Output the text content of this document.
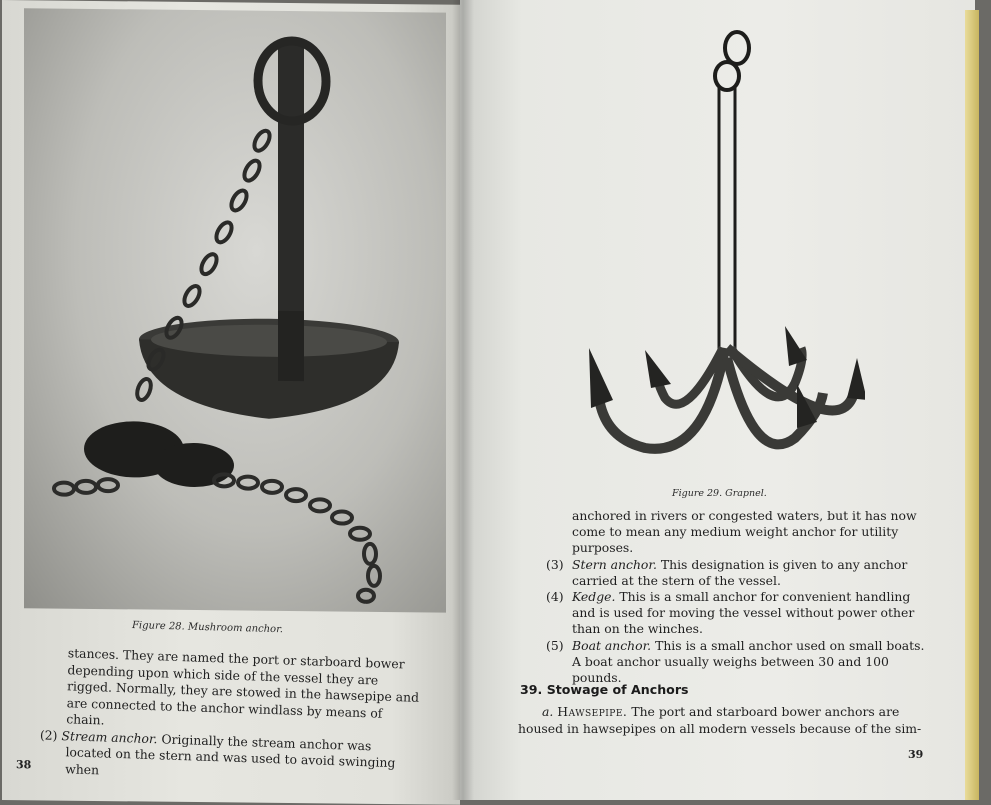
Figure 28. Mushroom anchor.

stances. They are named the port or starboard bower depending upon which side of the vessel they are rigged. Normally, they are stowed in the hawsepipe and are connected to the anchor windlass by means of chain.

(2) Stream anchor. Originally the stream anchor was located on the stern and was used to avoid swinging when

38
Figure 29. Grapnel.

anchored in rivers or congested waters, but it has now come to mean any medium weight anchor for utility purposes.

(3) Stern anchor. This designation is given to any anchor carried at the stern of the vessel.
(4) Kedge. This is a small anchor for convenient handling and is used for moving the vessel without power other than on the winches.
(5) Boat anchor. This is a small anchor used on small boats. A boat anchor usually weighs between 30 and 100 pounds.
39. Stowage of Anchors

a. Hawsepipe. The port and starboard bower anchors are housed in hawsepipes on all modern vessels because of the sim-

39
